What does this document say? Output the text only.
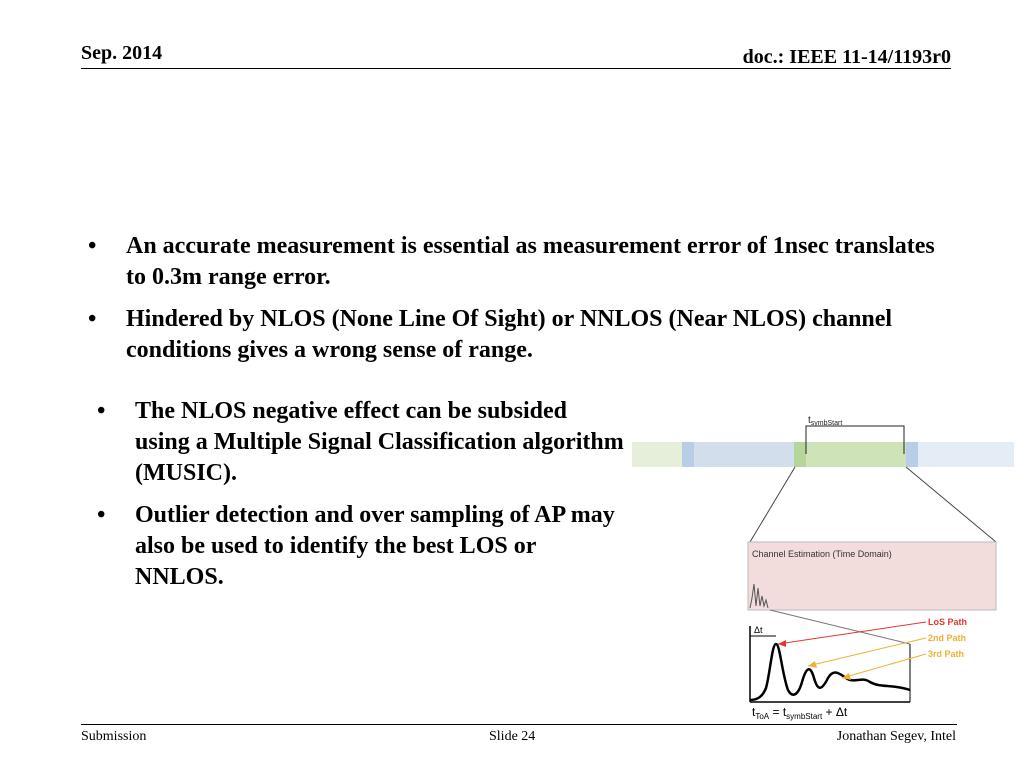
Sep. 2014	doc.: IEEE 11-14/1193r0
• An accurate measurement is essential as measurement error of 1nsec translates to 0.3m range error.
• Hindered by NLOS (None Line Of Sight) or NNLOS (Near NLOS) channel conditions gives a wrong sense of range.
• The NLOS negative effect can be subsided using a Multiple Signal Classification algorithm (MUSIC).
• Outlier detection and over sampling of AP may also be used to identify the best LOS or NNLOS.
$t_{symbStart}$
Channel Estimation (Time Domain)
Δt
LoS Path
2nd Path
3rd Path
$t_{ToA} = t_{symbStart} + \Delta t$
Submission	Slide 24	Jonathan Segev, Intel
